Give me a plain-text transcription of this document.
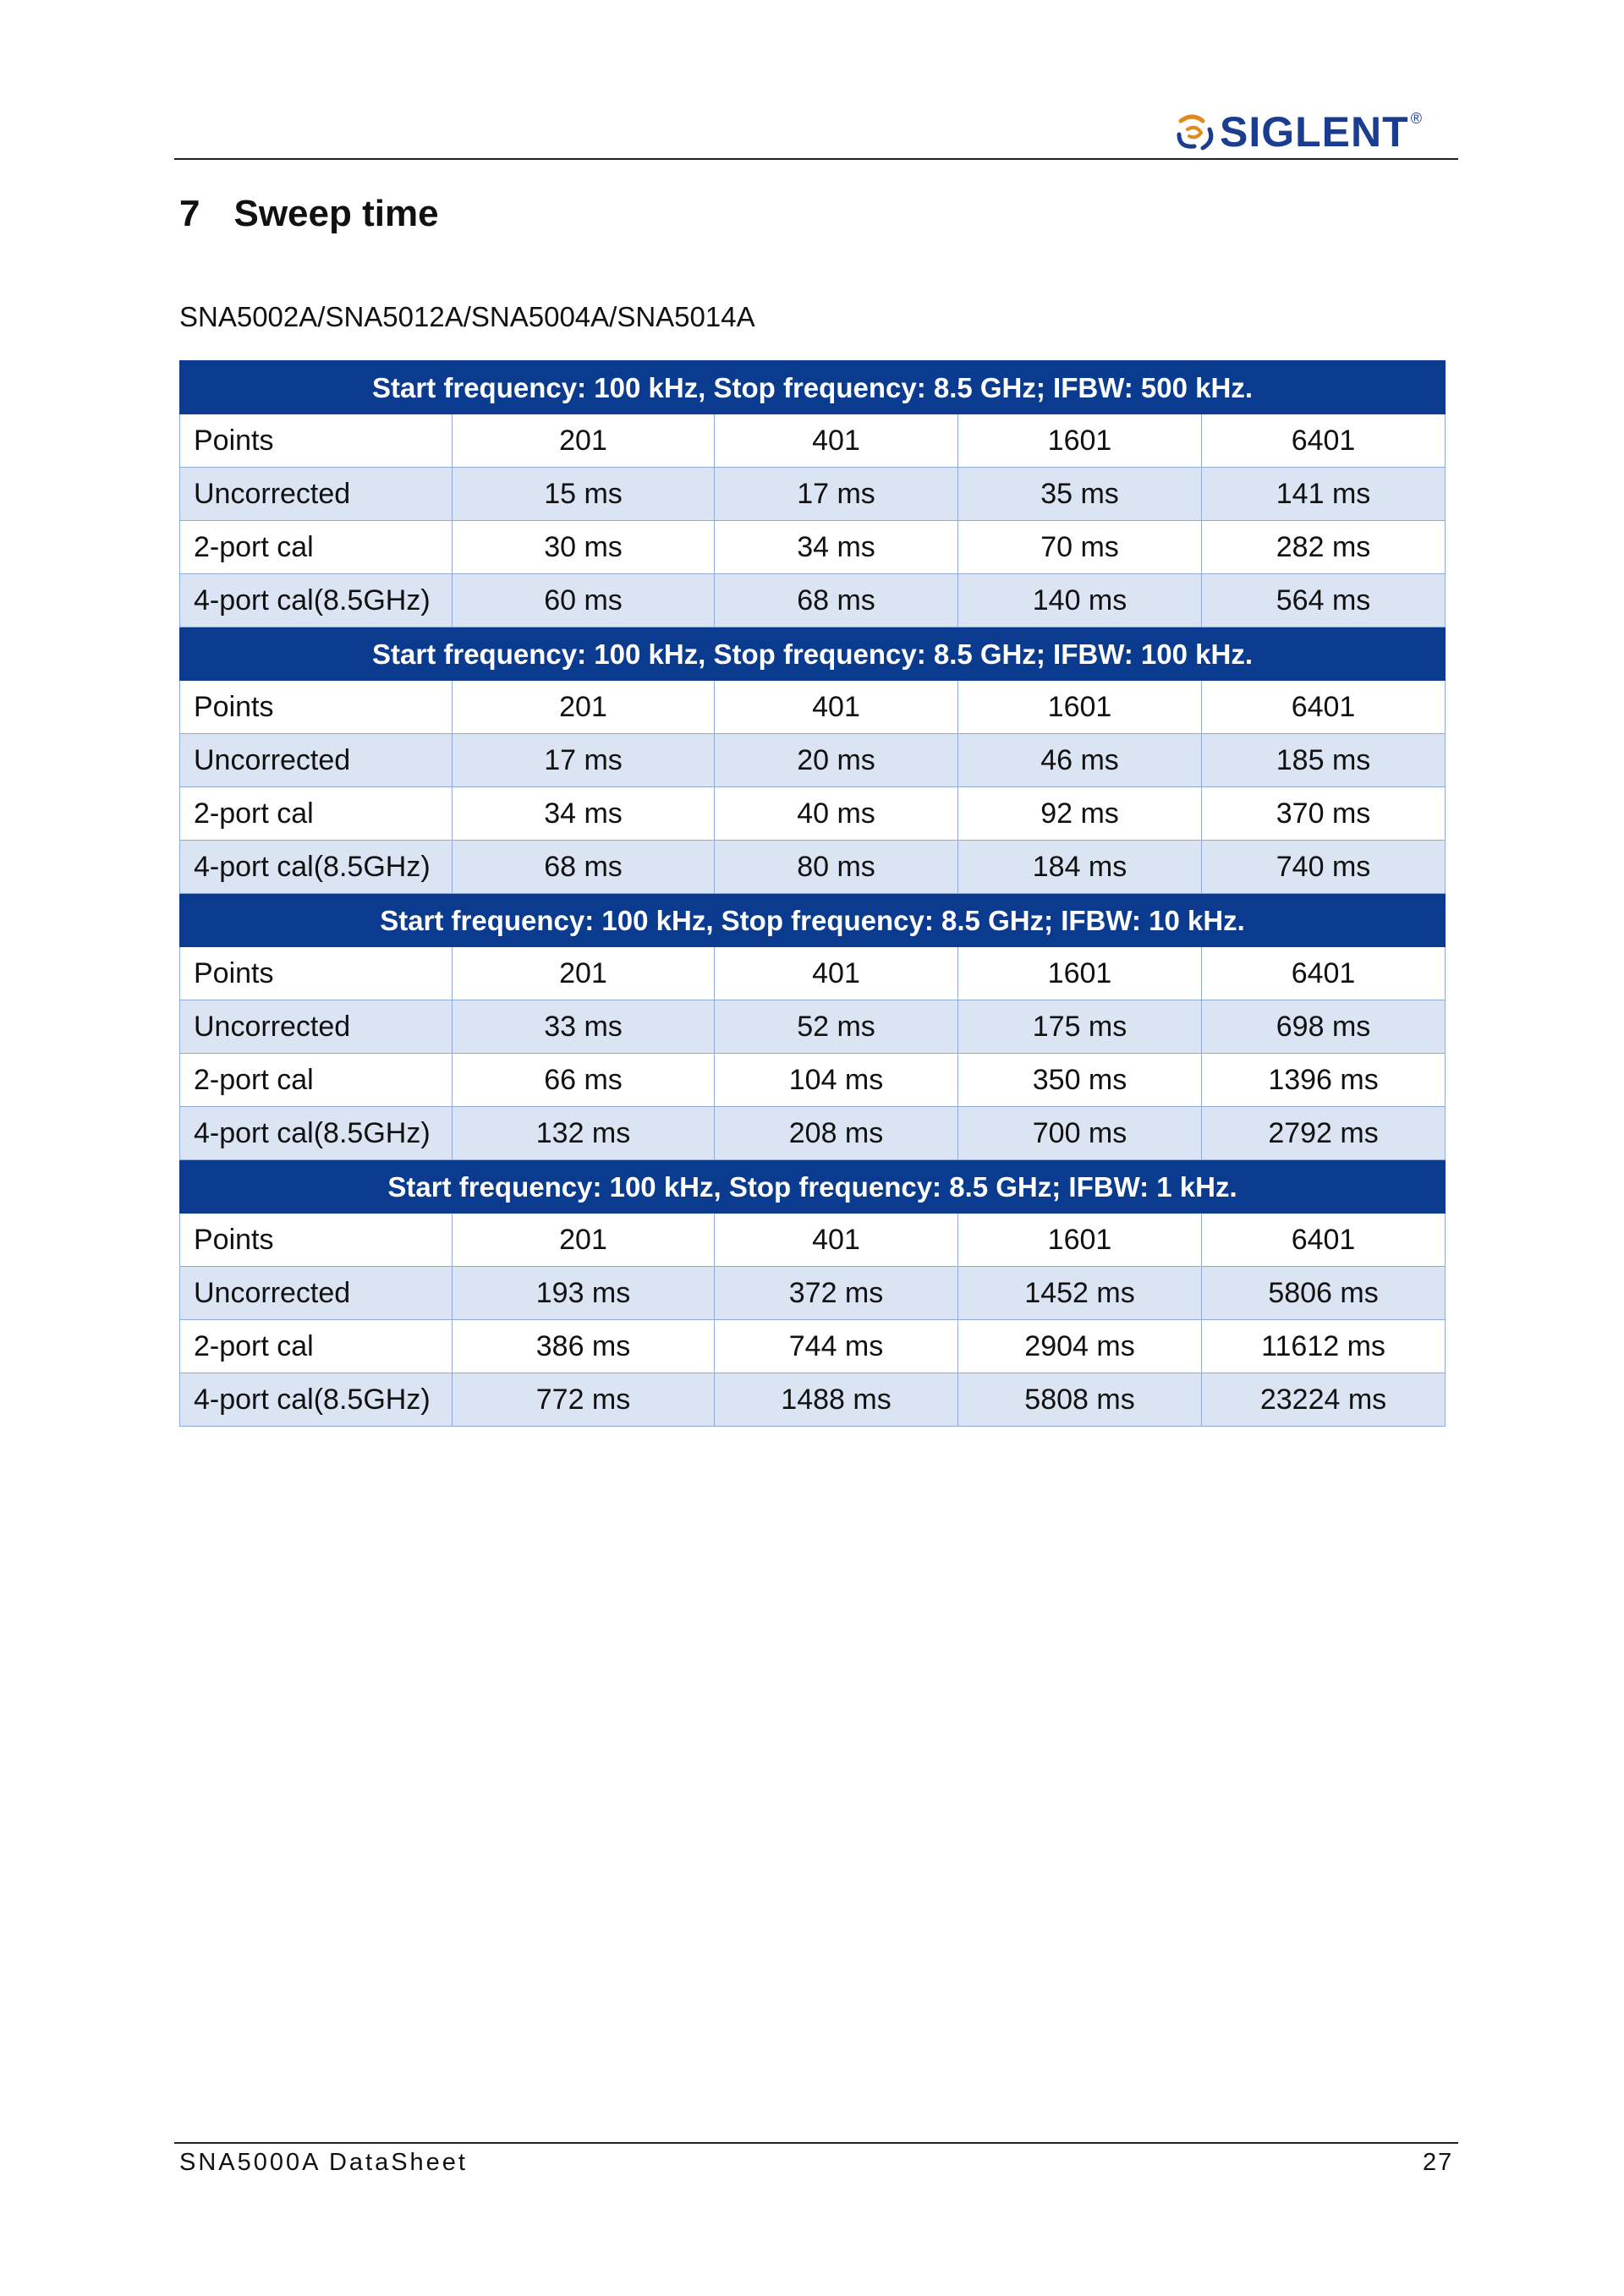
SIGLENT ®
7 Sweep time
SNA5002A/SNA5012A/SNA5004A/SNA5014A
Start frequency: 100 kHz, Stop frequency: 8.5 GHz; IFBW: 500 kHz.				
Points	201	401	1601	6401
Uncorrected	15 ms	17 ms	35 ms	141 ms
2-port cal	30 ms	34 ms	70 ms	282 ms
4-port cal(8.5GHz)	60 ms	68 ms	140 ms	564 ms
Start frequency: 100 kHz, Stop frequency: 8.5 GHz; IFBW: 100 kHz.				
Points	201	401	1601	6401
Uncorrected	17 ms	20 ms	46 ms	185 ms
2-port cal	34 ms	40 ms	92 ms	370 ms
4-port cal(8.5GHz)	68 ms	80 ms	184 ms	740 ms
Start frequency: 100 kHz, Stop frequency: 8.5 GHz; IFBW: 10 kHz.				
Points	201	401	1601	6401
Uncorrected	33 ms	52 ms	175 ms	698 ms
2-port cal	66 ms	104 ms	350 ms	1396 ms
4-port cal(8.5GHz)	132 ms	208 ms	700 ms	2792 ms
Start frequency: 100 kHz, Stop frequency: 8.5 GHz; IFBW: 1 kHz.				
Points	201	401	1601	6401
Uncorrected	193 ms	372 ms	1452 ms	5806 ms
2-port cal	386 ms	744 ms	2904 ms	11612 ms
4-port cal(8.5GHz)	772 ms	1488 ms	5808 ms	23224 ms
SNA5000A DataSheet	27
